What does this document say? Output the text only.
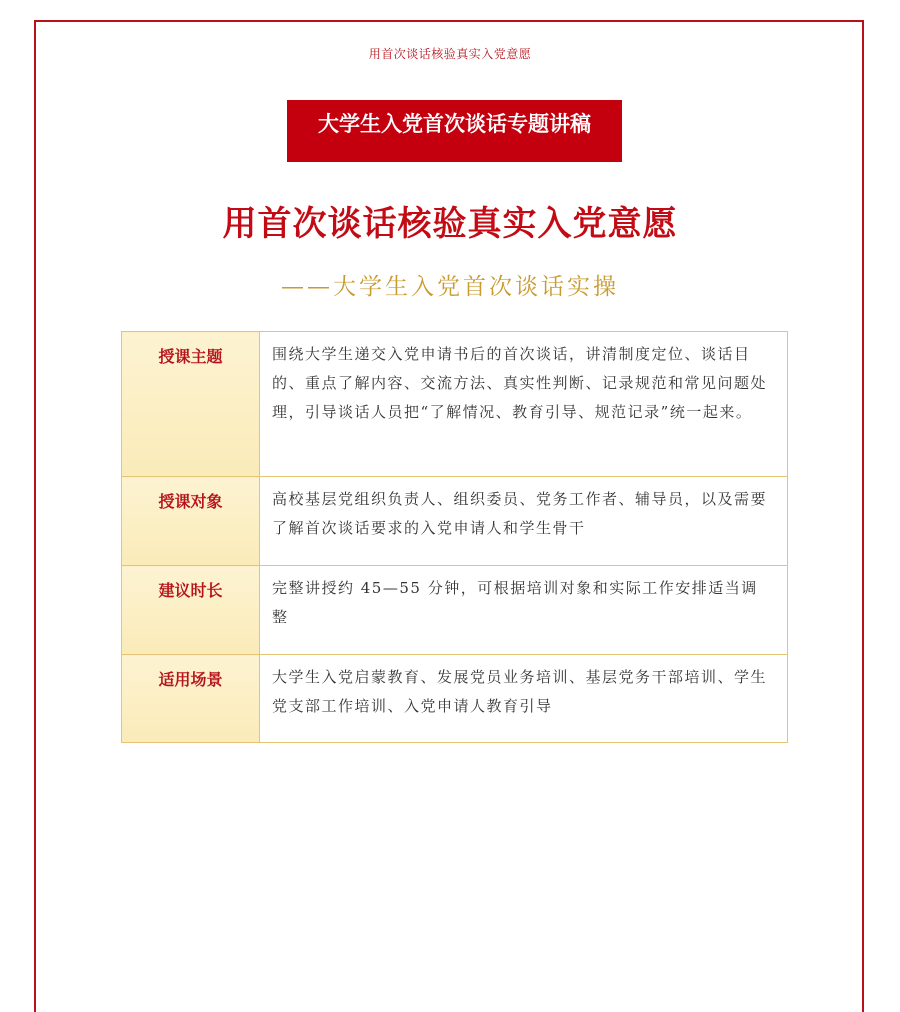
用首次谈话核验真实入党意愿
大学生入党首次谈话专题讲稿
用首次谈话核验真实入党意愿
——大学生入党首次谈话实操
授课主题	围绕大学生递交入党申请书后的首次谈话，讲清制度定位、谈话目的、重点了解内容、交流方法、真实性判断、记录规范和常见问题处理，引导谈话人员把“了解情况、教育引导、规范记录”统一起来。
授课对象	高校基层党组织负责人、组织委员、党务工作者、辅导员，以及需要了解首次谈话要求的入党申请人和学生骨干
建议时长	完整讲授约 45—55 分钟，可根据培训对象和实际工作安排适当调整
适用场景	大学生入党启蒙教育、发展党员业务培训、基层党务干部培训、学生党支部工作培训、入党申请人教育引导
